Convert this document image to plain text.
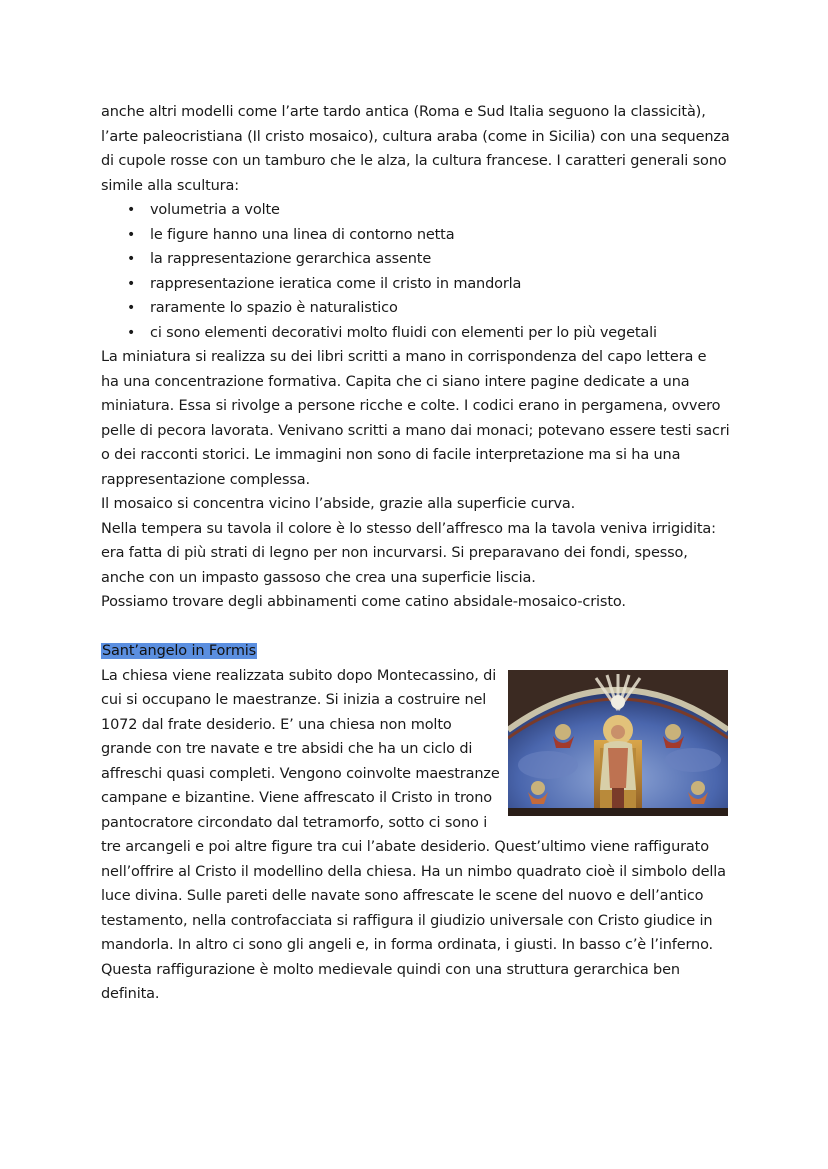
anche altri modelli come l’arte tardo antica (Roma e Sud Italia seguono la classicità),
l’arte paleocristiana (Il cristo mosaico), cultura araba (come in Sicilia) con una sequenza
di cupole rosse con un tamburo che le alza, la cultura francese. I caratteri generali sono
simile alla scultura:
• volumetria a volte
• le figure hanno una linea di contorno netta
• la rappresentazione gerarchica assente
• rappresentazione ieratica come il cristo in mandorla
• raramente lo spazio è naturalistico
• ci sono elementi decorativi molto fluidi con elementi per lo più vegetali
La miniatura si realizza su dei libri scritti a mano in corrispondenza del capo lettera e
ha una concentrazione formativa. Capita che ci siano intere pagine dedicate a una
miniatura. Essa si rivolge a persone ricche e colte. I codici erano in pergamena, ovvero
pelle di pecora lavorata. Venivano scritti a mano dai monaci; potevano essere testi sacri
o dei racconti storici. Le immagini non sono di facile interpretazione ma si ha una
rappresentazione complessa.
Il mosaico si concentra vicino l’abside, grazie alla superficie curva.
Nella tempera su tavola il colore è lo stesso dell’affresco ma la tavola veniva irrigidita:
era fatta di più strati di legno per non incurvarsi. Si preparavano dei fondi, spesso,
anche con un impasto gassoso che crea una superficie liscia.
Possiamo trovare degli abbinamenti come catino absidale-mosaico-cristo.
Sant’angelo in Formis
La chiesa viene realizzata subito dopo Montecassino, di
cui si occupano le maestranze. Si inizia a costruire nel
1072 dal frate desiderio. E’ una chiesa non molto
grande con tre navate e tre absidi che ha un ciclo di
affreschi quasi completi. Vengono coinvolte maestranze
campane e bizantine. Viene affrescato il Cristo in trono
pantocratore circondato dal tetramorfo, sotto ci sono i
tre arcangeli e poi altre figure tra cui l’abate desiderio. Quest’ultimo viene raffigurato
nell’offrire al Cristo il modellino della chiesa. Ha un nimbo quadrato cioè il simbolo della
luce divina. Sulle pareti delle navate sono affrescate le scene del nuovo e dell’antico
testamento, nella controfacciata si raffigura il giudizio universale con Cristo giudice in
mandorla. In altro ci sono gli angeli e, in forma ordinata, i giusti. In basso c’è l’inferno.
Questa raffigurazione è molto medievale quindi con una struttura gerarchica ben
definita.
